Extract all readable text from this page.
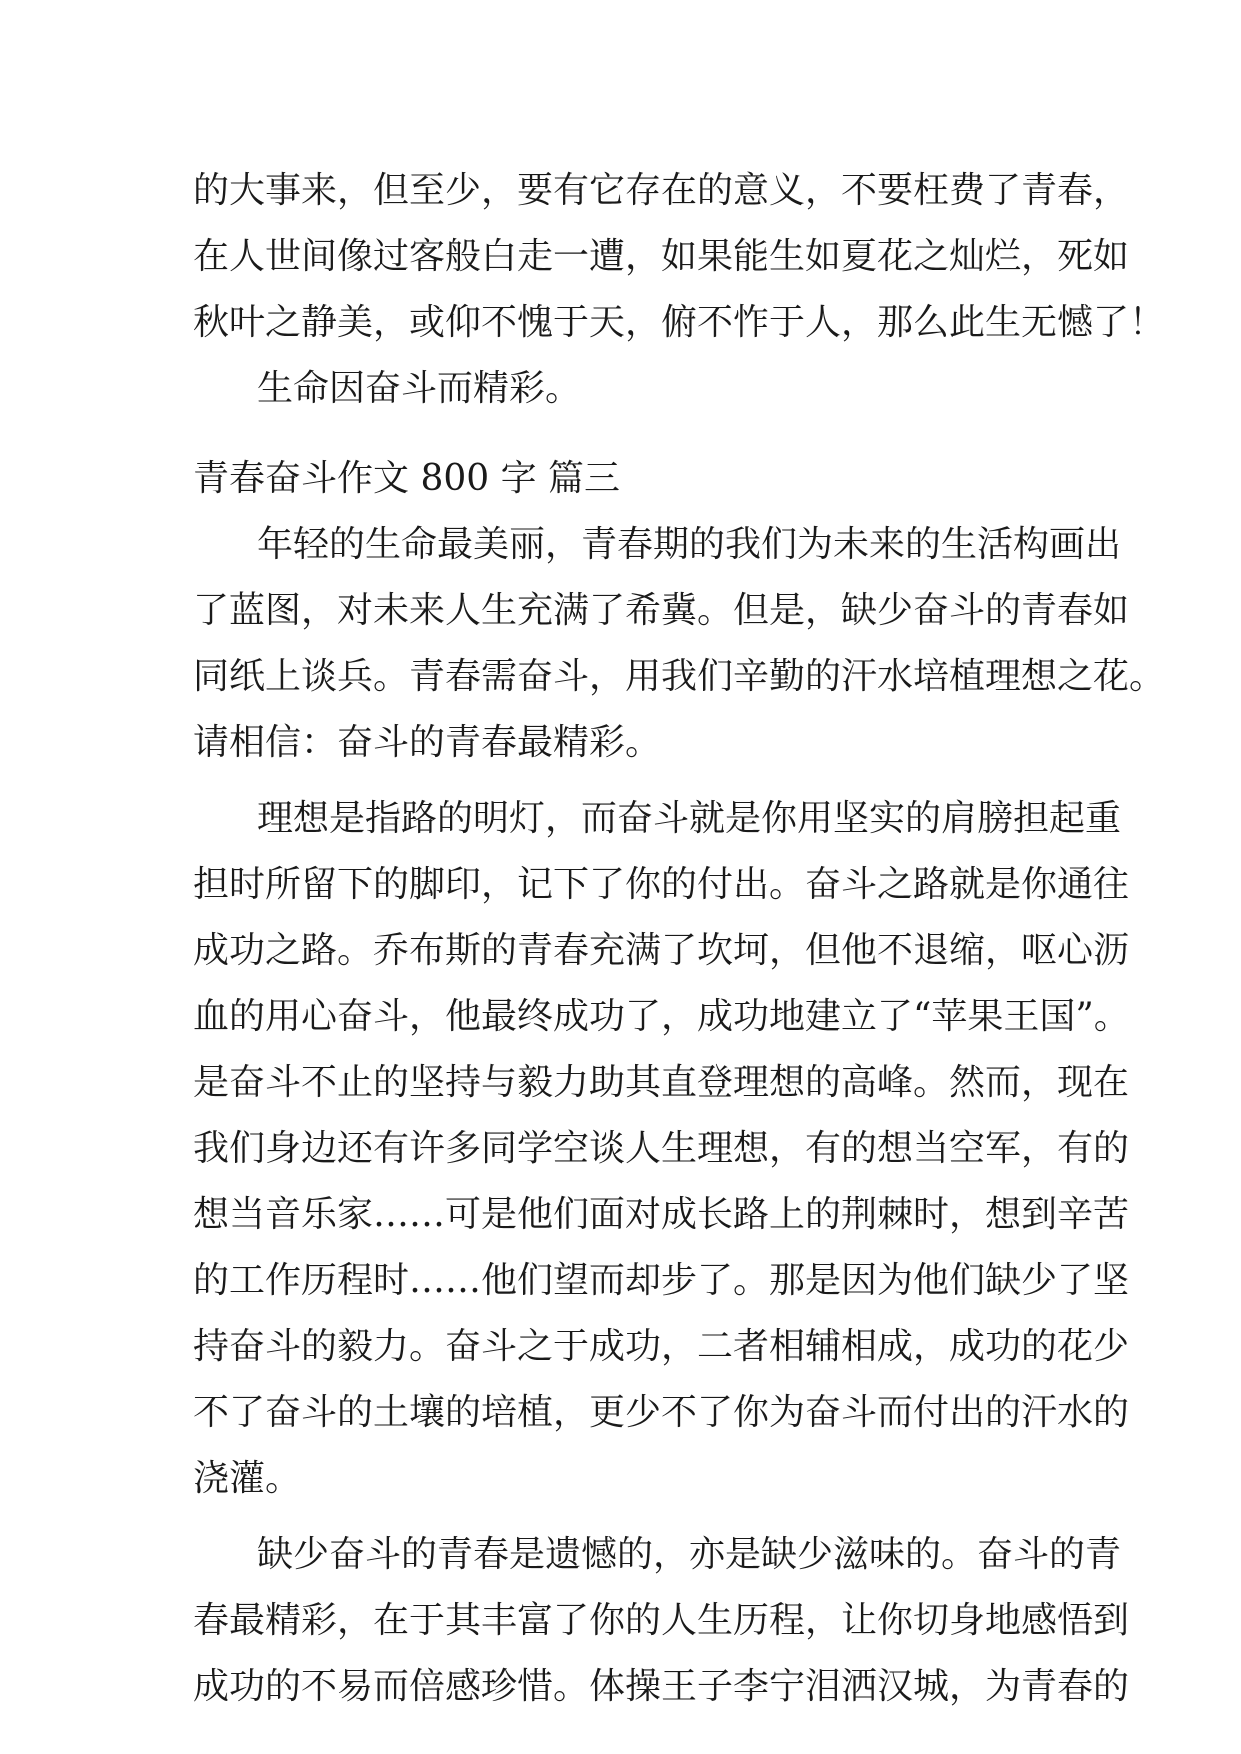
的大事来，但至少，要有它存在的意义，不要枉费了青春，
在人世间像过客般白走一遭，如果能生如夏花之灿烂，死如
秋叶之静美，或仰不愧于天，俯不怍于人，那么此生无憾了！
生命因奋斗而精彩。
青春奋斗作文 800 字 篇三
年轻的生命最美丽，青春期的我们为未来的生活构画出
了蓝图，对未来人生充满了希冀。但是，缺少奋斗的青春如
同纸上谈兵。青春需奋斗，用我们辛勤的汗水培植理想之花。
请相信：奋斗的青春最精彩。
理想是指路的明灯，而奋斗就是你用坚实的肩膀担起重
担时所留下的脚印，记下了你的付出。奋斗之路就是你通往
成功之路。乔布斯的青春充满了坎坷，但他不退缩，呕心沥
血的用心奋斗，他最终成功了，成功地建立了“苹果王国”。
是奋斗不止的坚持与毅力助其直登理想的高峰。然而，现在
我们身边还有许多同学空谈人生理想，有的想当空军，有的
想当音乐家……可是他们面对成长路上的荆棘时，想到辛苦
的工作历程时……他们望而却步了。那是因为他们缺少了坚
持奋斗的毅力。奋斗之于成功，二者相辅相成，成功的花少
不了奋斗的土壤的培植，更少不了你为奋斗而付出的汗水的
浇灌。
缺少奋斗的青春是遗憾的，亦是缺少滋味的。奋斗的青
春最精彩，在于其丰富了你的人生历程，让你切身地感悟到
成功的不易而倍感珍惜。体操王子李宁泪洒汉城，为青春的
